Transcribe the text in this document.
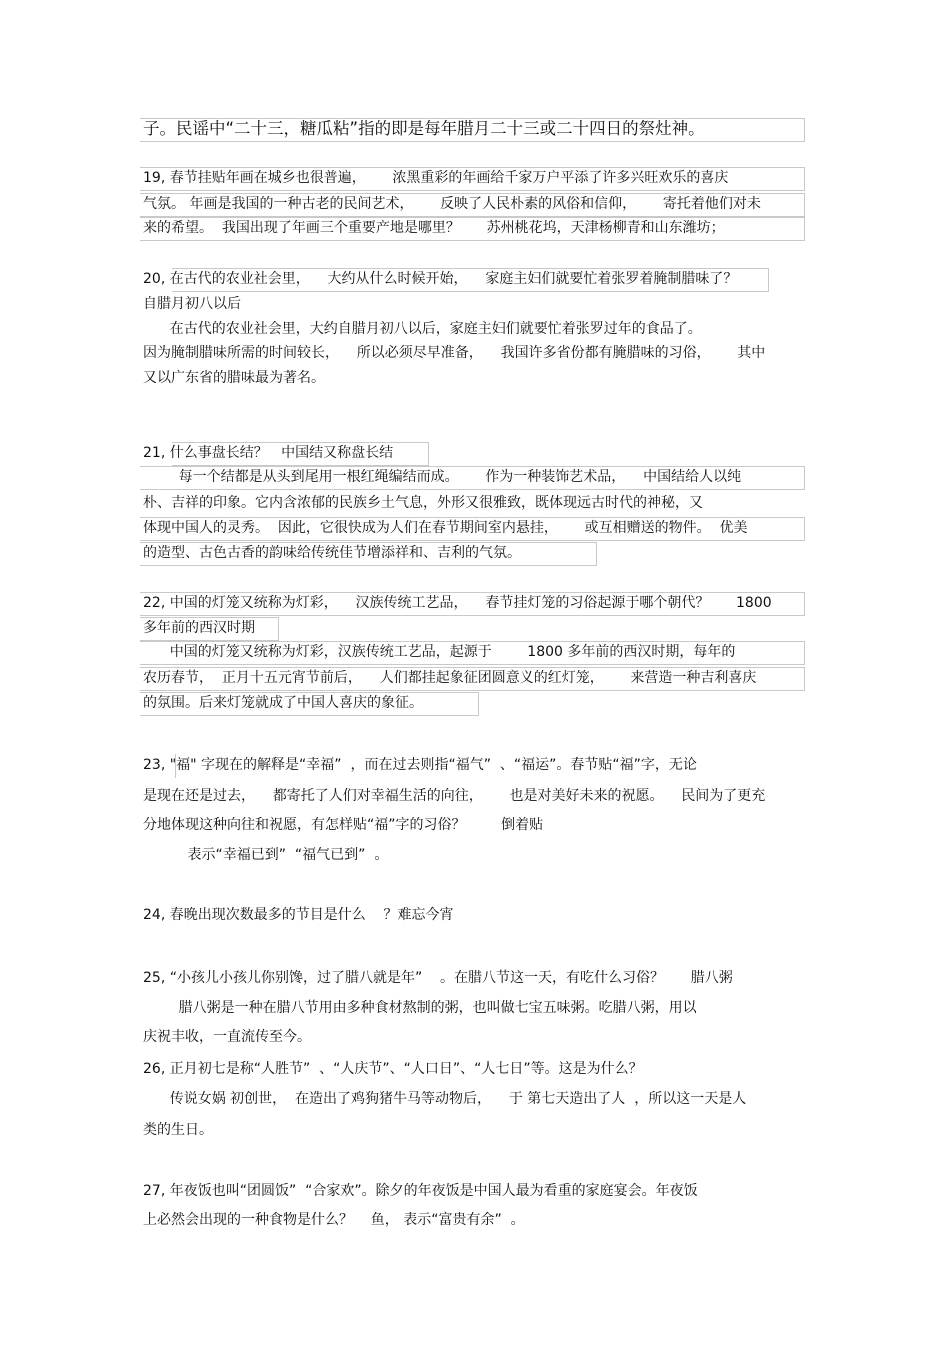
子。民谣中“二十三，糖瓜粘”指的即是每年腊月二十三或二十四日的祭灶神。
19, 春节挂贴年画在城乡也很普遍，      浓黑重彩的年画给千家万户平添了许多兴旺欢乐的喜庆
气氛。 年画是我国的一种古老的民间艺术，      反映了人民朴素的风俗和信仰，      寄托着他们对未
来的希望。  我国出现了年画三个重要产地是哪里？      苏州桃花坞，天津杨柳青和山东潍坊；
20, 在古代的农业社会里，    大约从什么时候开始，    家庭主妇们就要忙着张罗着腌制腊味了？
自腊月初八以后
在古代的农业社会里，大约自腊月初八以后，家庭主妇们就要忙着张罗过年的食品了。
因为腌制腊味所需的时间较长，    所以必须尽早准备，    我国许多省份都有腌腊味的习俗，      其中
又以广东省的腊味最为著名。
21, 什么事盘长结？   中国结又称盘长结
每一个结都是从头到尾用一根红绳编结而成。      作为一种装饰艺术品，    中国结给人以纯
朴、吉祥的印象。它内含浓郁的民族乡土气息，外形又很雅致，既体现远古时代的神秘，又
体现中国人的灵秀。  因此，它很快成为人们在春节期间室内悬挂，      或互相赠送的物件。  优美
的造型、古色古香的韵味给传统佳节增添祥和、吉利的气氛。
22, 中国的灯笼又统称为灯彩，    汉族传统工艺品，    春节挂灯笼的习俗起源于哪个朝代？      1800
多年前的西汉时期
中国的灯笼又统称为灯彩，汉族传统工艺品，起源于        1800 多年前的西汉时期，每年的
农历春节，  正月十五元宵节前后，    人们都挂起象征团圆意义的红灯笼，      来营造一种吉利喜庆
的氛围。后来灯笼就成了中国人喜庆的象征。
23, "福" 字现在的解释是“幸福”  ，而在过去则指“福气”  、“福运”。春节贴“福”字，无论
是现在还是过去，    都寄托了人们对幸福生活的向往，      也是对美好未来的祝愿。    民间为了更充
分地体现这种向往和祝愿，有怎样贴“福”字的习俗？        倒着贴
表示“幸福已到”  “福气已到”  。
24, 春晚出现次数最多的节目是什么    ？难忘今宵
25, “小孩儿小孩儿你别馋，过了腊八就是年”    。在腊八节这一天，有吃什么习俗？      腊八粥
腊八粥是一种在腊八节用由多种食材熬制的粥，也叫做七宝五味粥。吃腊八粥，用以
庆祝丰收，一直流传至今。
26, 正月初七是称“人胜节”  、“人庆节”、“人口日”、“人七日”等。这是为什么？
传说女娲 初创世，  在造出了鸡狗猪牛马等动物后，    于 第七天造出了人  ，所以这一天是人
类的生日。
27, 年夜饭也叫“团圆饭”  “合家欢”。除夕的年夜饭是中国人最为看重的家庭宴会。年夜饭
上必然会出现的一种食物是什么？    鱼， 表示“富贵有余”  。
